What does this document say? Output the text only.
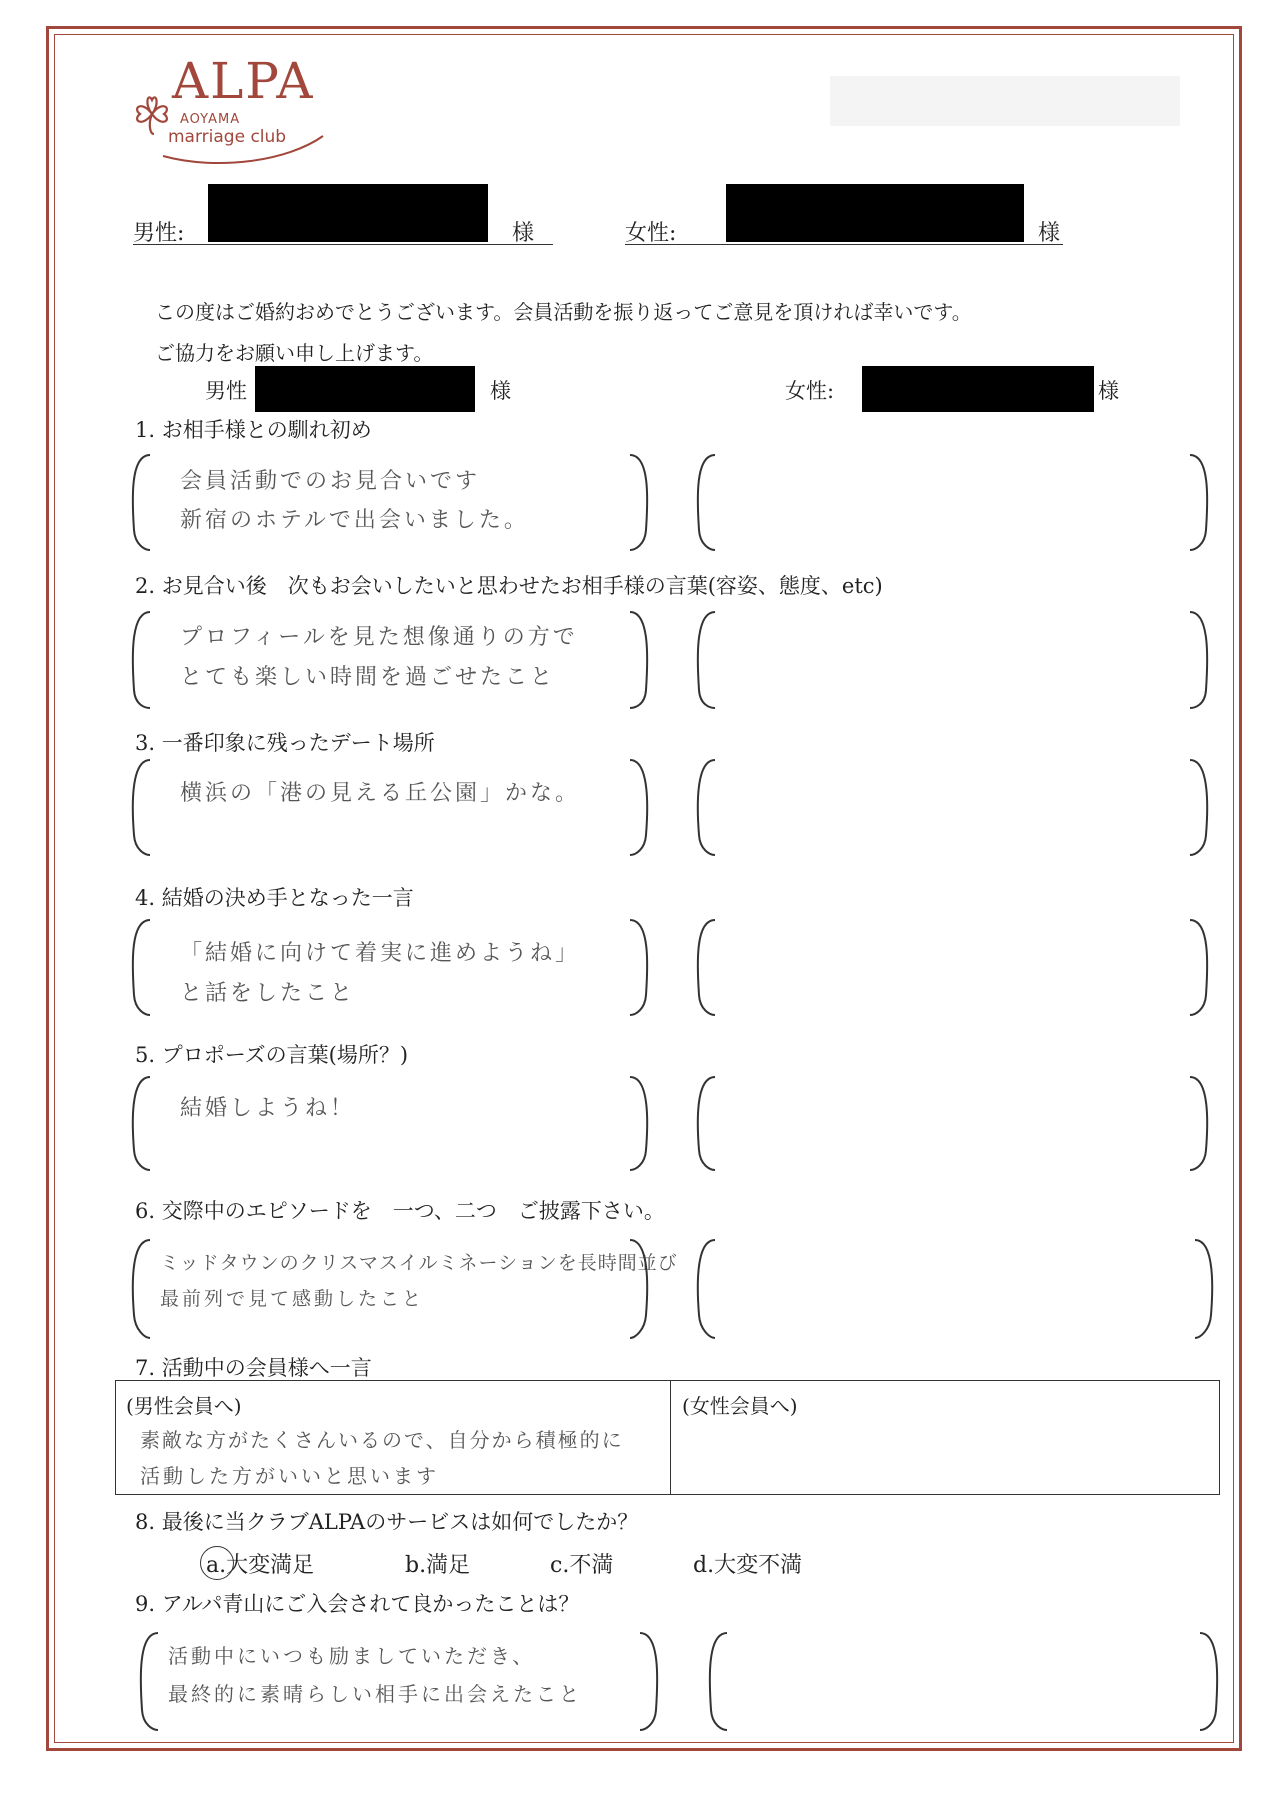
ALPA
AOYAMA
marriage club
男性:	様	女性:	様
この度はご婚約おめでとうございます。会員活動を振り返ってご意見を頂ければ幸いです。
ご協力をお願い申し上げます。
男性	様	女性:	様
1. お相手様との馴れ初め
会員活動でのお見合いです
新宿のホテルで出会いました。
2. お見合い後　次もお会いしたいと思わせたお相手様の言葉(容姿、態度、etc)
プロフィールを見た想像通りの方で
とても楽しい時間を過ごせたこと
3. 一番印象に残ったデート場所
横浜の「港の見える丘公園」かな。
4. 結婚の決め手となった一言
「結婚に向けて着実に進めようね」
と話をしたこと
5. プロポーズの言葉(場所？)
結婚しようね！
6. 交際中のエピソードを　一つ、二つ　ご披露下さい。
ミッドタウンのクリスマスイルミネーションを長時間並び
最前列で見て感動したこと
7. 活動中の会員様へ一言
(男性会員へ)	(女性会員へ)
素敵な方がたくさんいるので、自分から積極的に
活動した方がいいと思います
8. 最後に当クラブALPAのサービスは如何でしたか？
a.大変満足	b.満足	c.不満	d.大変不満
9. アルパ青山にご入会されて良かったことは？
活動中にいつも励ましていただき、
最終的に素晴らしい相手に出会えたこと
